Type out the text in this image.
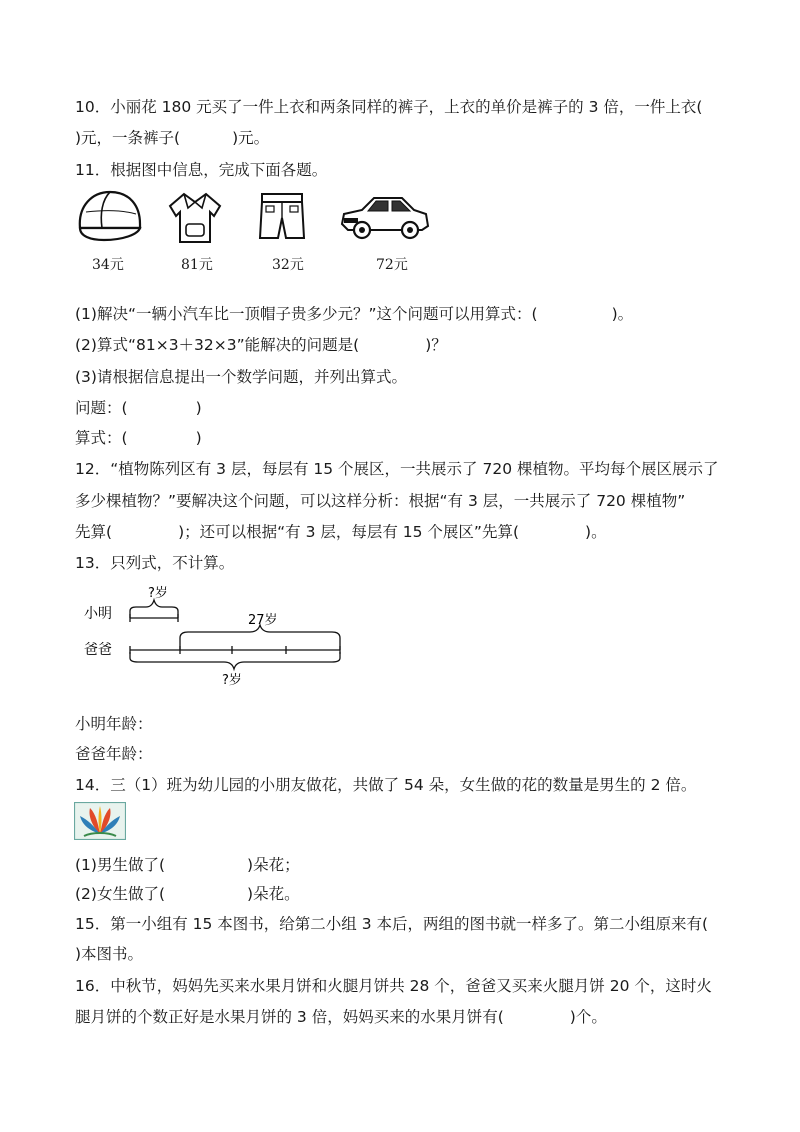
10．小丽花 180 元买了一件上衣和两条同样的裤子，上衣的单价是裤子的 3 倍，一件上衣(
)元，一条裤子(	)元。
11．根据图中信息，完成下面各题。
34元	81元	32元	72元
(1)解决“一辆小汽车比一顶帽子贵多少元？”这个问题可以用算式：(	)。
(2)算式“81×3＋32×3”能解决的问题是(	)？
(3)请根据信息提出一个数学问题，并列出算式。
问题：(	)
算式：(	)
12．“植物陈列区有 3 层，每层有 15 个展区，一共展示了 720 棵植物。平均每个展区展示了
多少棵植物？”要解决这个问题，可以这样分析：根据“有 3 层，一共展示了 720 棵植物”
先算(	)；还可以根据“有 3 层，每层有 15 个展区”先算(	)。
13．只列式，不计算。
?岁
小明	27岁
爸爸
?岁
小明年龄：
爸爸年龄：
14．三（1）班为幼儿园的小朋友做花，共做了 54 朵，女生做的花的数量是男生的 2 倍。
(1)男生做了(	)朵花；
(2)女生做了(	)朵花。
15．第一小组有 15 本图书，给第二小组 3 本后，两组的图书就一样多了。第二小组原来有(
)本图书。
16．中秋节，妈妈先买来水果月饼和火腿月饼共 28 个，爸爸又买来火腿月饼 20 个，这时火
腿月饼的个数正好是水果月饼的 3 倍，妈妈买来的水果月饼有(	)个。
